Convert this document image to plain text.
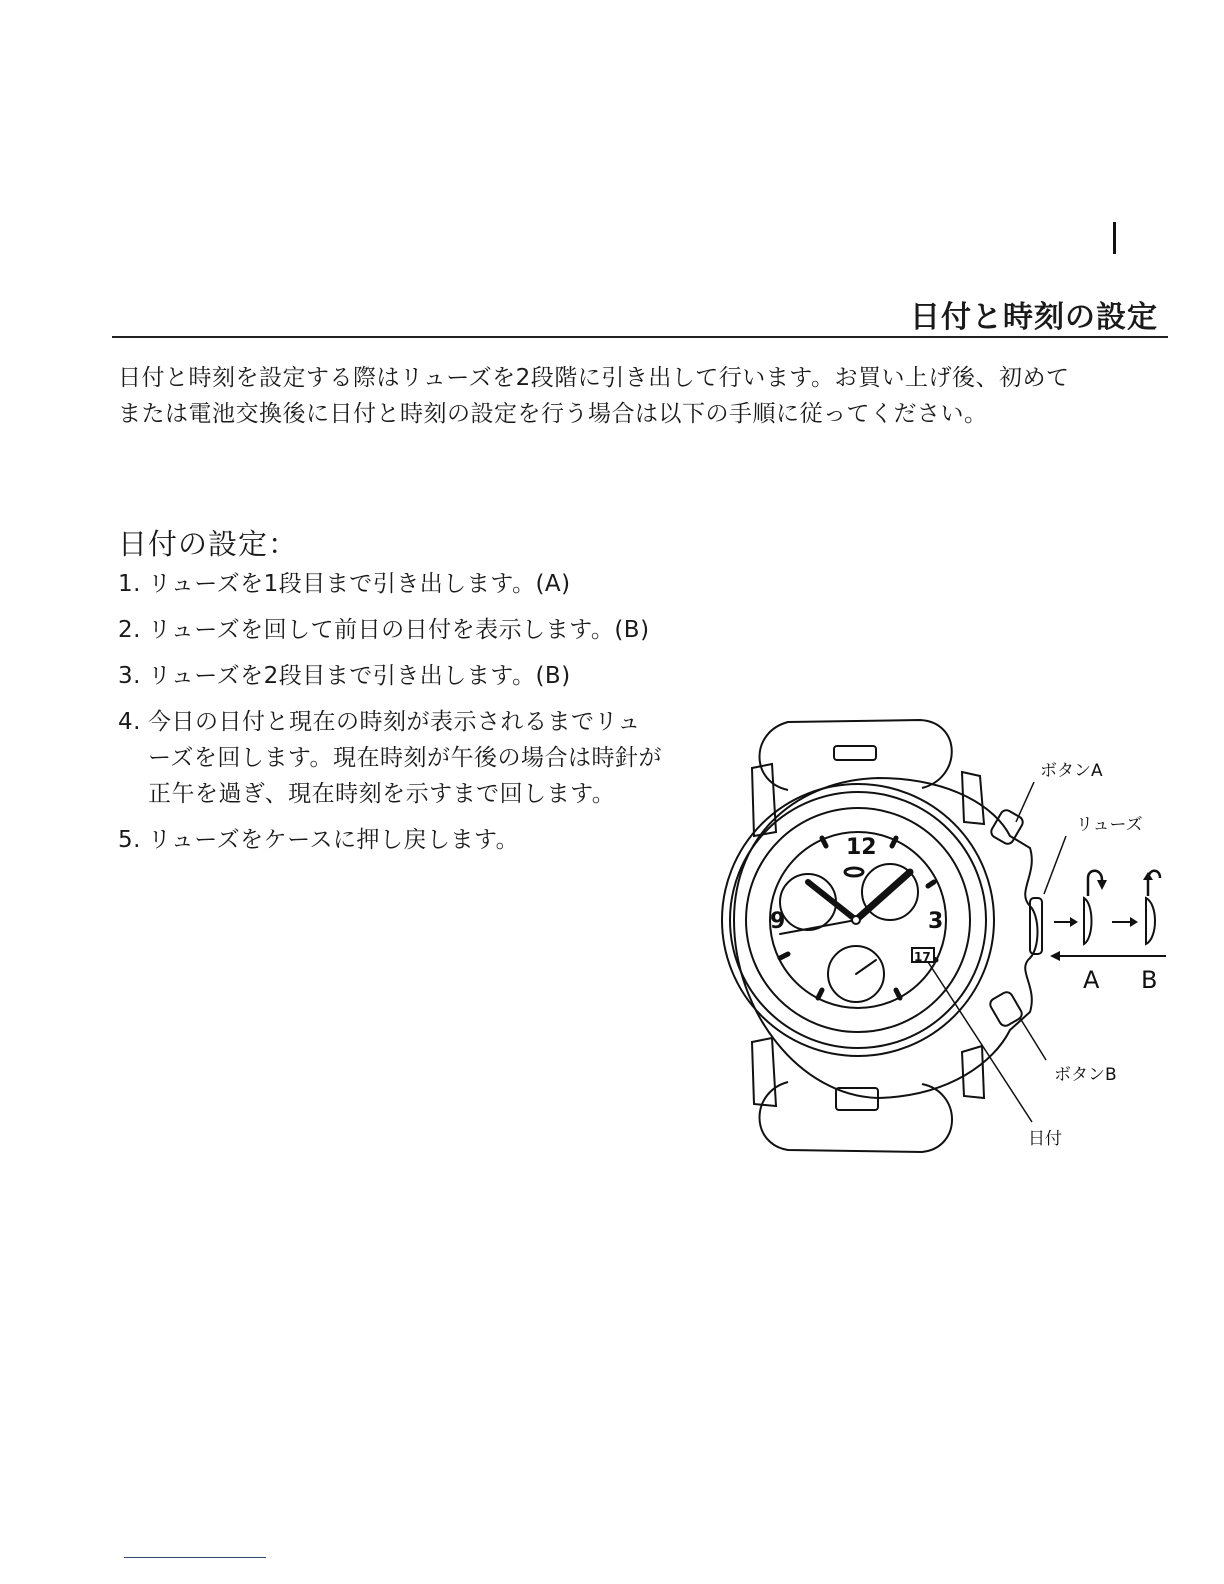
日付と時刻の設定

日付と時刻を設定する際はリューズを2段階に引き出して行います。お買い上げ後、初めて

または電池交換後に日付と時刻の設定を行う場合は以下の手順に従ってください。

日付の設定：
1. リューズを1段目まで引き出します。(A)
2. リューズを回して前日の日付を表示します。(B)
3. リューズを2段目まで引き出します。(B)
4. 今日の日付と現在の時刻が表示されるまでリューズを回します。現在時刻が午後の場合は時針が正午を過ぎ、現在時刻を示すまで回します。
5. リューズをケースに押し戻します。	12
9	3
17
ボタンA
リューズ
A B
ボタンB
日付
